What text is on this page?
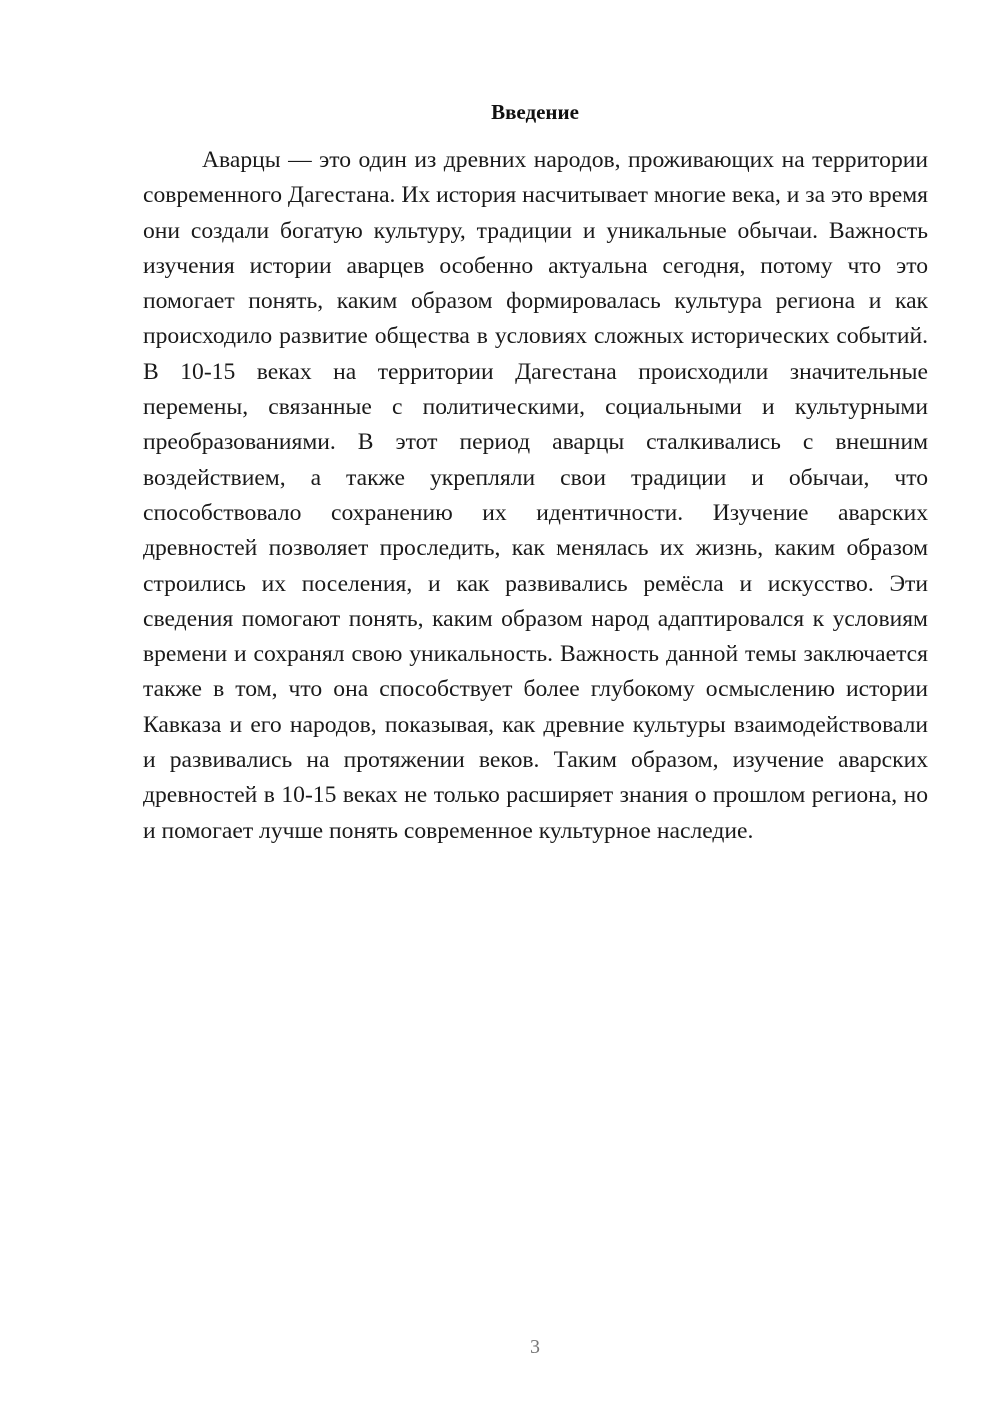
Введение

Аварцы — это один из древних народов, проживающих на территории современного Дагестана. Их история насчитывает многие века, и за это время они создали богатую культуру, традиции и уникальные обычаи. Важность изучения истории аварцев особенно актуальна сегодня, потому что это помогает понять, каким образом формировалась культура региона и как происходило развитие общества в условиях сложных исторических событий. В 10-15 веках на территории Дагестана происходили значительные перемены, связанные с политическими, социальными и культурными преобразованиями. В этот период аварцы сталкивались с внешним воздействием, а также укрепляли свои традиции и обычаи, что способствовало сохранению их идентичности. Изучение аварских древностей позволяет проследить, как менялась их жизнь, каким образом строились их поселения, и как развивались ремёсла и искусство. Эти сведения помогают понять, каким образом народ адаптировался к условиям времени и сохранял свою уникальность. Важность данной темы заключается также в том, что она способствует более глубокому осмыслению истории Кавказа и его народов, показывая, как древние культуры взаимодействовали и развивались на протяжении веков. Таким образом, изучение аварских древностей в 10-15 веках не только расширяет знания о прошлом региона, но и помогает лучше понять современное культурное наследие.

3
